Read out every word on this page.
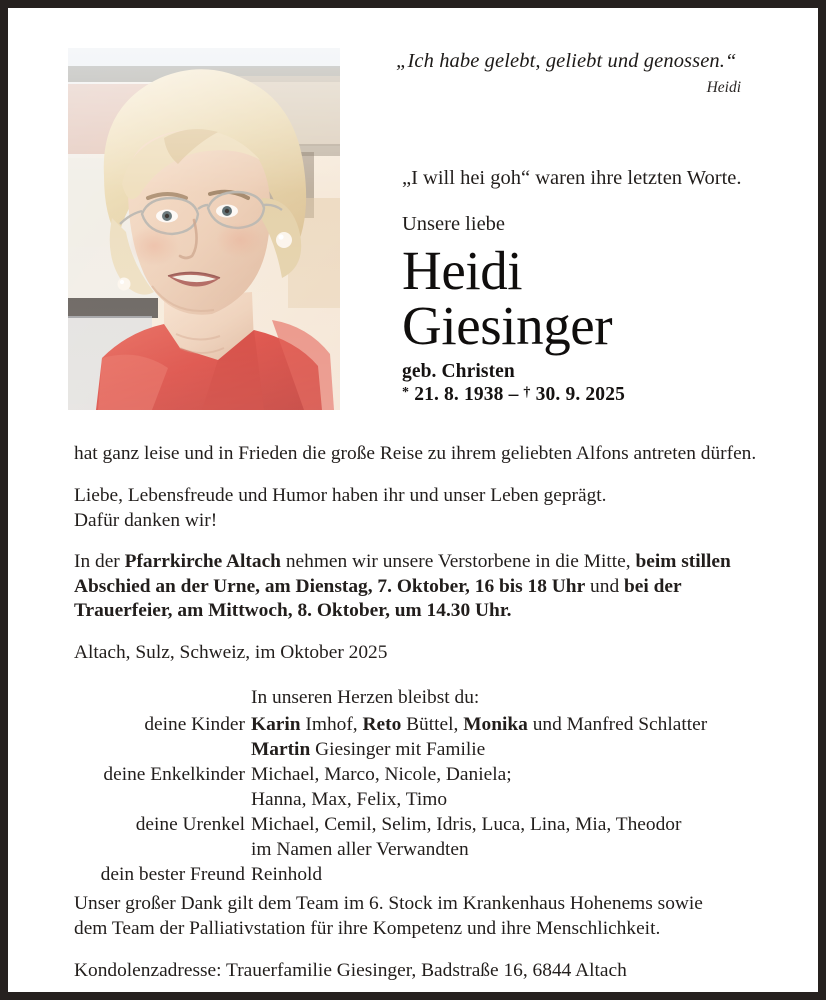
„Ich habe gelebt, geliebt und genossen.“
Heidi
„I will hei goh“ waren ihre letzten Worte.
Unsere liebe
Heidi
Giesinger
geb. Christen
* 21. 8. 1938 – † 30. 9. 2025

hat ganz leise und in Frieden die große Reise zu ihrem geliebten Alfons antreten dürfen.

Liebe, Lebensfreude und Humor haben ihr und unser Leben geprägt.
Dafür danken wir!

In der Pfarrkirche Altach nehmen wir unsere Verstorbene in die Mitte, beim stillen Abschied an der Urne, am Dienstag, 7. Oktober, 16 bis 18 Uhr und bei der Trauerfeier, am Mittwoch, 8. Oktober, um 14.30 Uhr.

Altach, Sulz, Schweiz, im Oktober 2025

In unseren Herzen bleibst du:
deine Kinder Karin Imhof, Reto Büttel, Monika und Manfred Schlatter
Martin Giesinger mit Familie
deine Enkelkinder Michael, Marco, Nicole, Daniela;
Hanna, Max, Felix, Timo
deine Urenkel Michael, Cemil, Selim, Idris, Luca, Lina, Mia, Theodor
im Namen aller Verwandten
dein bester Freund Reinhold

Unser großer Dank gilt dem Team im 6. Stock im Krankenhaus Hohenems sowie
dem Team der Palliativstation für ihre Kompetenz und ihre Menschlichkeit.

Kondolenzadresse: Trauerfamilie Giesinger, Badstraße 16, 6844 Altach
